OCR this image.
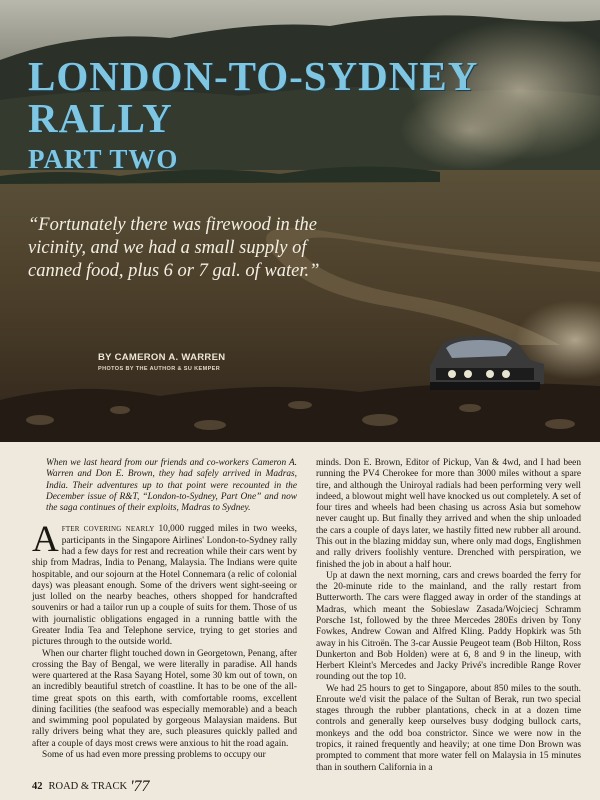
LONDON-TO-SYDNEY
RALLY
PART TWO
“Fortunately there was firewood in the vicinity, and we had a small supply of canned food, plus 6 or 7 gal. of water.”
BY CAMERON A. WARREN
PHOTOS BY THE AUTHOR & SU KEMPER
When we last heard from our friends and co-workers Cameron A. Warren and Don E. Brown, they had safely arrived in Madras, India. Their adventures up to that point were recounted in the December issue of R&T, “London-to-Sydney, Part One” and now the saga continues of their exploits, Madras to Sydney.

After covering nearly 10,000 rugged miles in two weeks, participants in the Singapore Airlines' London-to-Sydney rally had a few days for rest and recreation while their cars went by ship from Madras, India to Penang, Malaysia. The Indians were quite hospitable, and our sojourn at the Hotel Connemara (a relic of colonial days) was pleasant enough. Some of the drivers went sight-seeing or just lolled on the nearby beaches, others shopped for handcrafted souvenirs or had a tailor run up a couple of suits for them. Those of us with journalistic obligations engaged in a running battle with the Greater India Tea and Telephone service, trying to get stories and pictures through to the outside world.

When our charter flight touched down in Georgetown, Penang, after crossing the Bay of Bengal, we were literally in paradise. All hands were quartered at the Rasa Sayang Hotel, some 30 km out of town, on an incredibly beautiful stretch of coastline. It has to be one of the all-time great spots on this earth, with comfortable rooms, excellent dining facilities (the seafood was especially memorable) and a beach and swimming pool populated by gorgeous Malaysian maidens. But rally drivers being what they are, such pleasures quickly palled and after a couple of days most crews were anxious to hit the road again.

Some of us had even more pressing problems to occupy our

minds. Don E. Brown, Editor of Pickup, Van & 4wd, and I had been running the PV4 Cherokee for more than 3000 miles without a spare tire, and although the Uniroyal radials had been performing very well indeed, a blowout might well have knocked us out completely. A set of four tires and wheels had been chasing us across Asia but somehow never caught up. But finally they arrived and when the ship unloaded the cars a couple of days later, we hastily fitted new rubber all around. This out in the blazing midday sun, where only mad dogs, Englishmen and rally drivers foolishly venture. Drenched with perspiration, we finished the job in about a half hour.

Up at dawn the next morning, cars and crews boarded the ferry for the 20-minute ride to the mainland, and the rally restart from Butterworth. The cars were flagged away in order of the standings at Madras, which meant the Sobieslaw Zasada/Wojciecj Schramm Porsche 1st, followed by the three Mercedes 280Es driven by Tony Fowkes, Andrew Cowan and Alfred Kling. Paddy Hopkirk was 5th away in his Citroën. The 3-car Aussie Peugeot team (Bob Hilton, Ross Dunkerton and Bob Holden) were at 6, 8 and 9 in the lineup, with Herbert Kleint's Mercedes and Jacky Privé's incredible Range Rover rounding out the top 10.

We had 25 hours to get to Singapore, about 850 miles to the south. Enroute we'd visit the palace of the Sultan of Berak, run two special stages through the rubber plantations, check in at a dozen time controls and generally keep ourselves busy dodging bullock carts, monkeys and the odd boa constrictor. Since we were now in the tropics, it rained frequently and heavily; at one time Don Brown was prompted to comment that more water fell on Malaysia in 15 minutes than in southern California in a

42 ROAD & TRACK '77
